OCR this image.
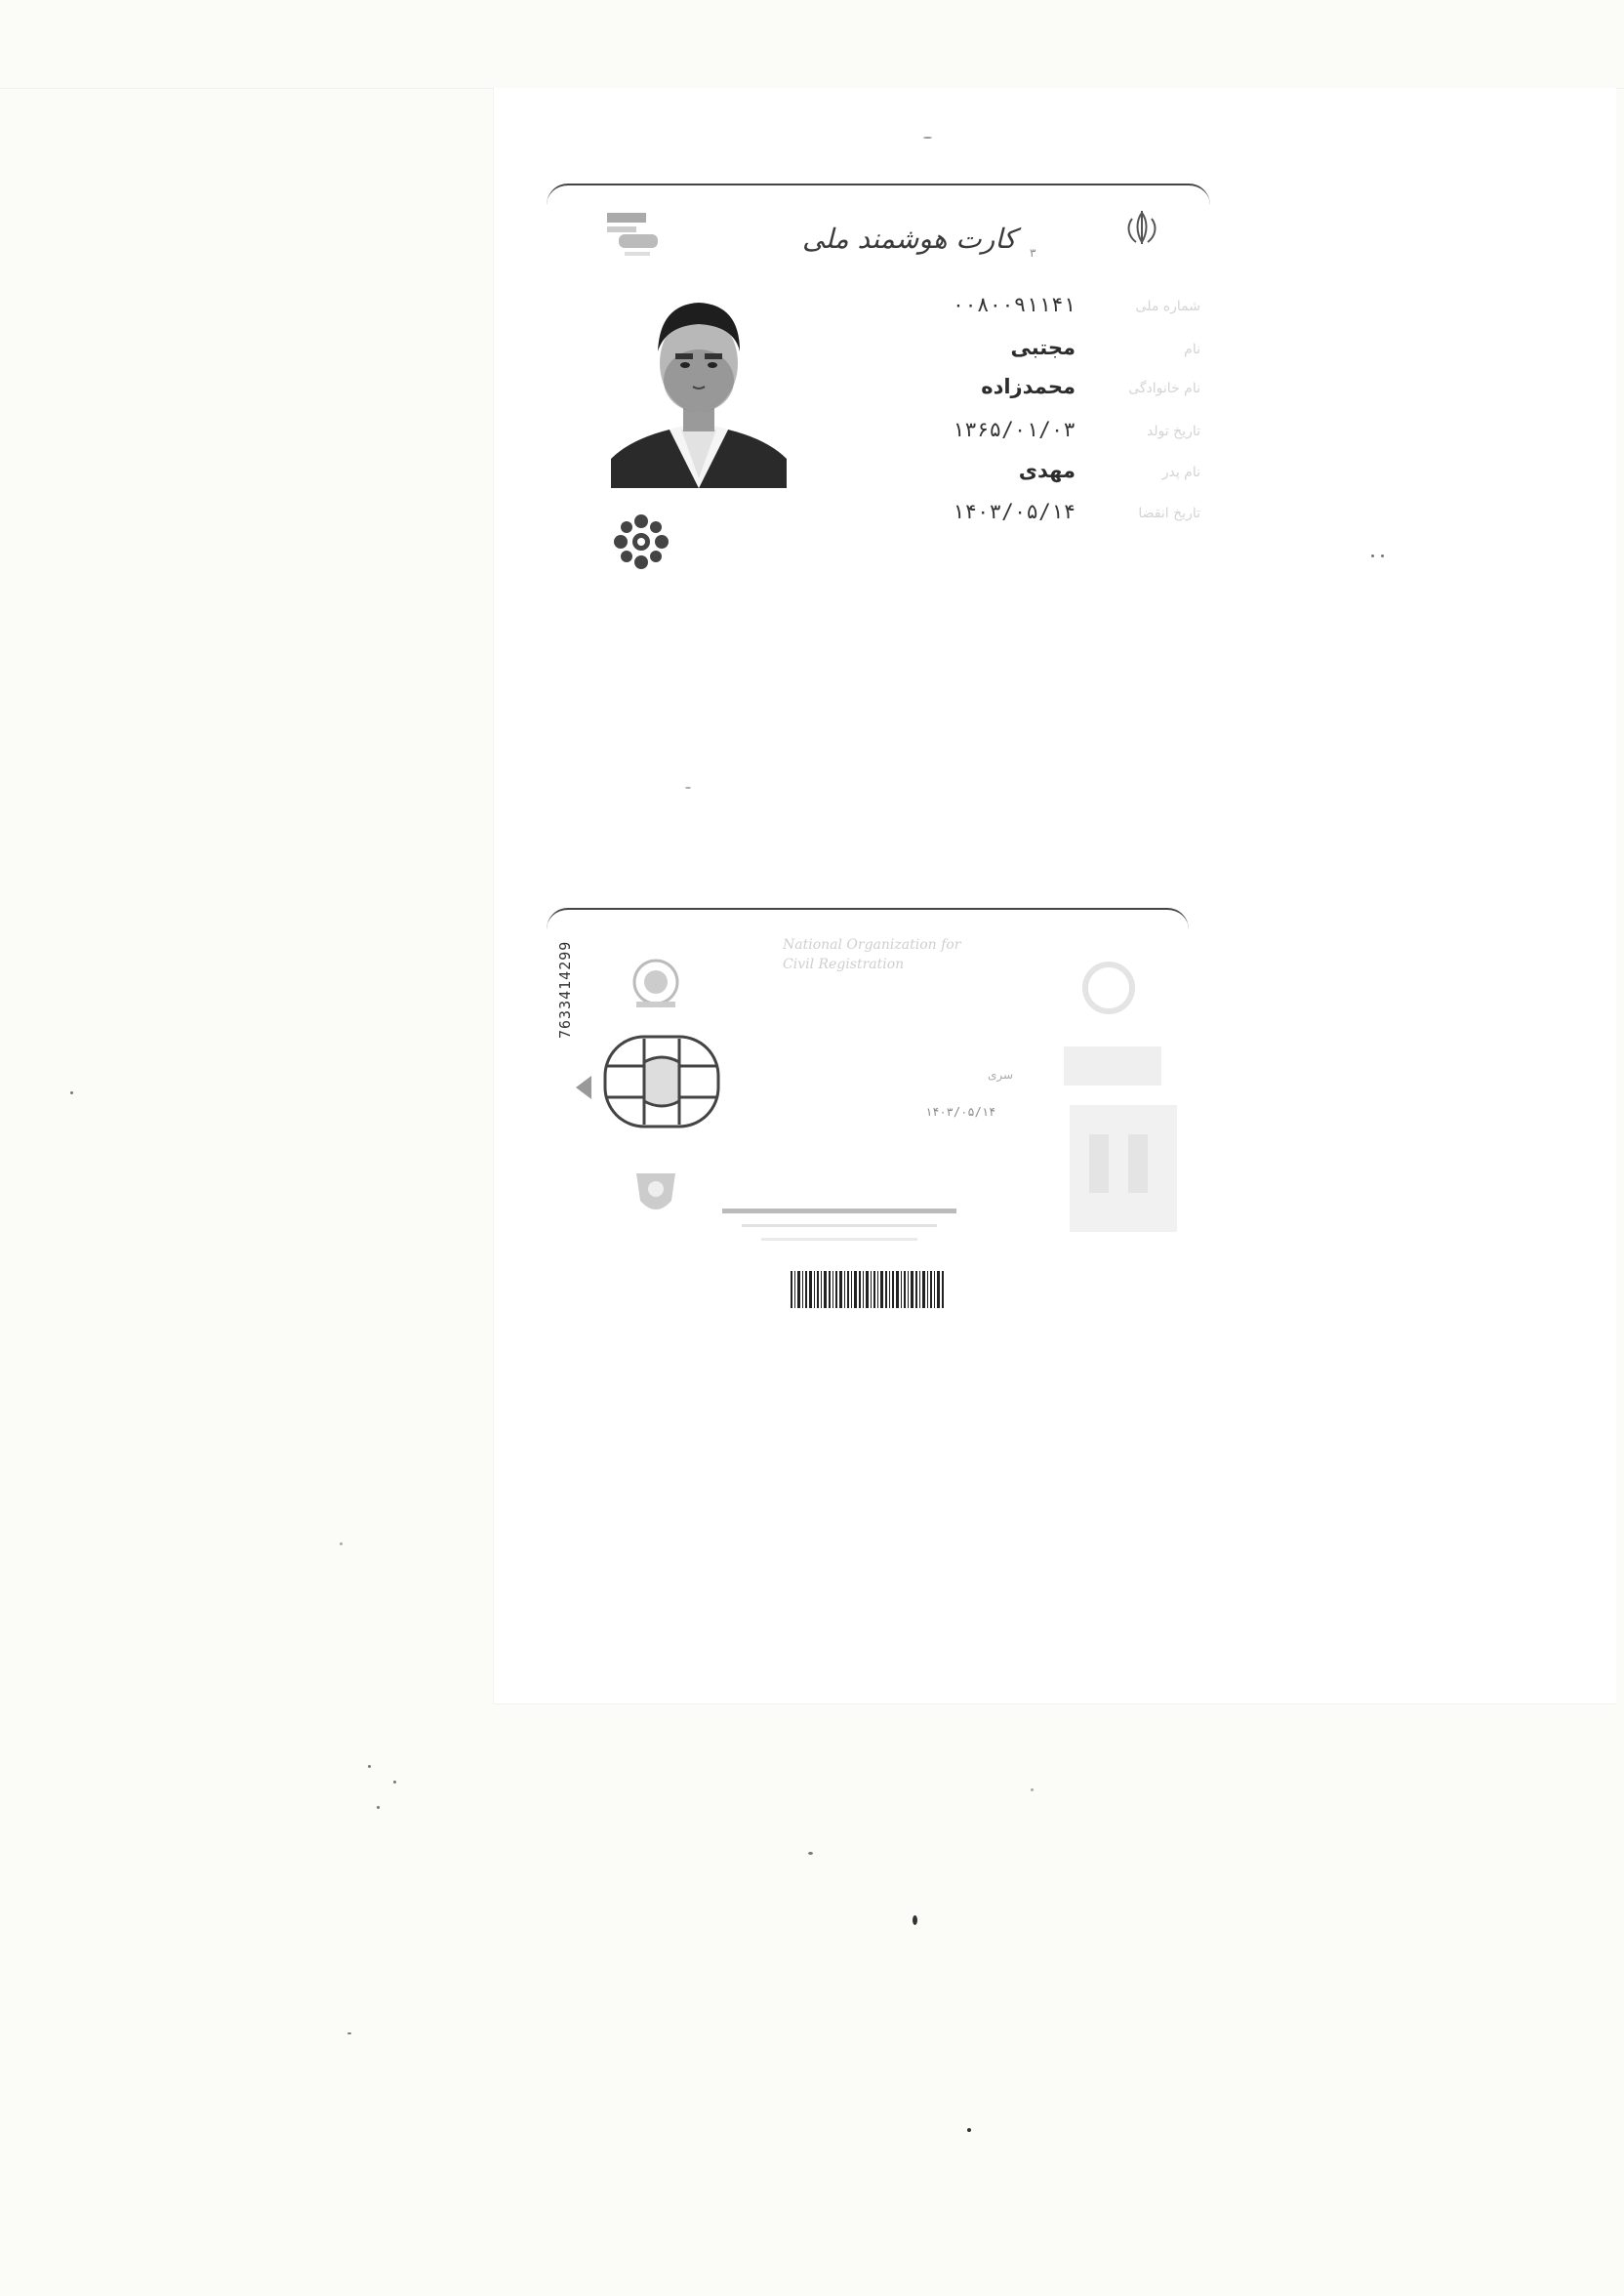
کارت هوشمند ملی ۳
شماره ملی
۰۰۸۰۰۹۱۱۴۱
نام
مجتبی
نام خانوادگی
محمدزاده
تاریخ تولد
۱۳۶۵/۰۱/۰۳
نام پدر
مهدی
تاریخ انقضا
۱۴۰۳/۰۵/۱۴
7633414299	National Organization for
Civil Registration
سری
۱۴۰۳/۰۵/۱۴
